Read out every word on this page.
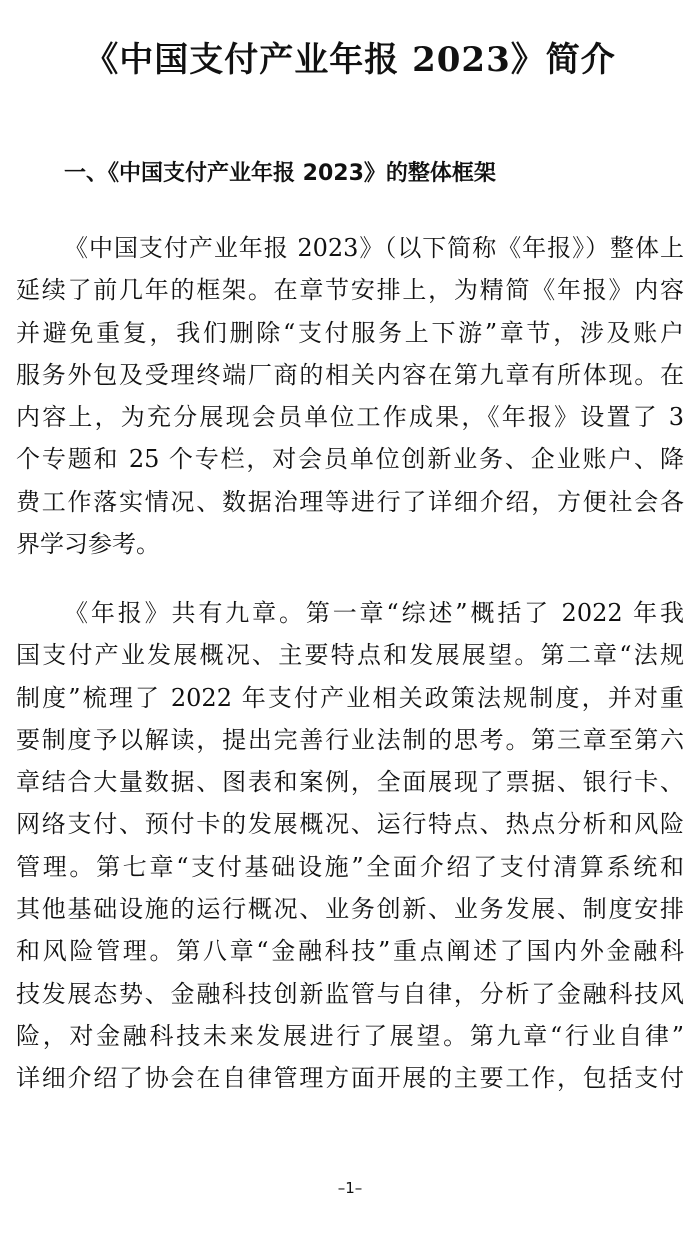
《中国支付产业年报 2023》简介
一、《中国支付产业年报 2023》的整体框架
《中国支付产业年报 2023》（以下简称《年报》）整体上
延续了前几年的框架。在章节安排上，为精简《年报》内容
并避免重复，我们删除“支付服务上下游”章节，涉及账户
服务外包及受理终端厂商的相关内容在第九章有所体现。在
内容上，为充分展现会员单位工作成果，《年报》设置了 3
个专题和 25 个专栏，对会员单位创新业务、企业账户、降
费工作落实情况、数据治理等进行了详细介绍，方便社会各
界学习参考。
《年报》共有九章。第一章“综述”概括了 2022 年我
国支付产业发展概况、主要特点和发展展望。第二章“法规
制度”梳理了 2022 年支付产业相关政策法规制度，并对重
要制度予以解读，提出完善行业法制的思考。第三章至第六
章结合大量数据、图表和案例，全面展现了票据、银行卡、
网络支付、预付卡的发展概况、运行特点、热点分析和风险
管理。第七章“支付基础设施”全面介绍了支付清算系统和
其他基础设施的运行概况、业务创新、业务发展、制度安排
和风险管理。第八章“金融科技”重点阐述了国内外金融科
技发展态势、金融科技创新监管与自律，分析了金融科技风
险，对金融科技未来发展进行了展望。第九章“行业自律”
详细介绍了协会在自律管理方面开展的主要工作，包括支付
–1–
